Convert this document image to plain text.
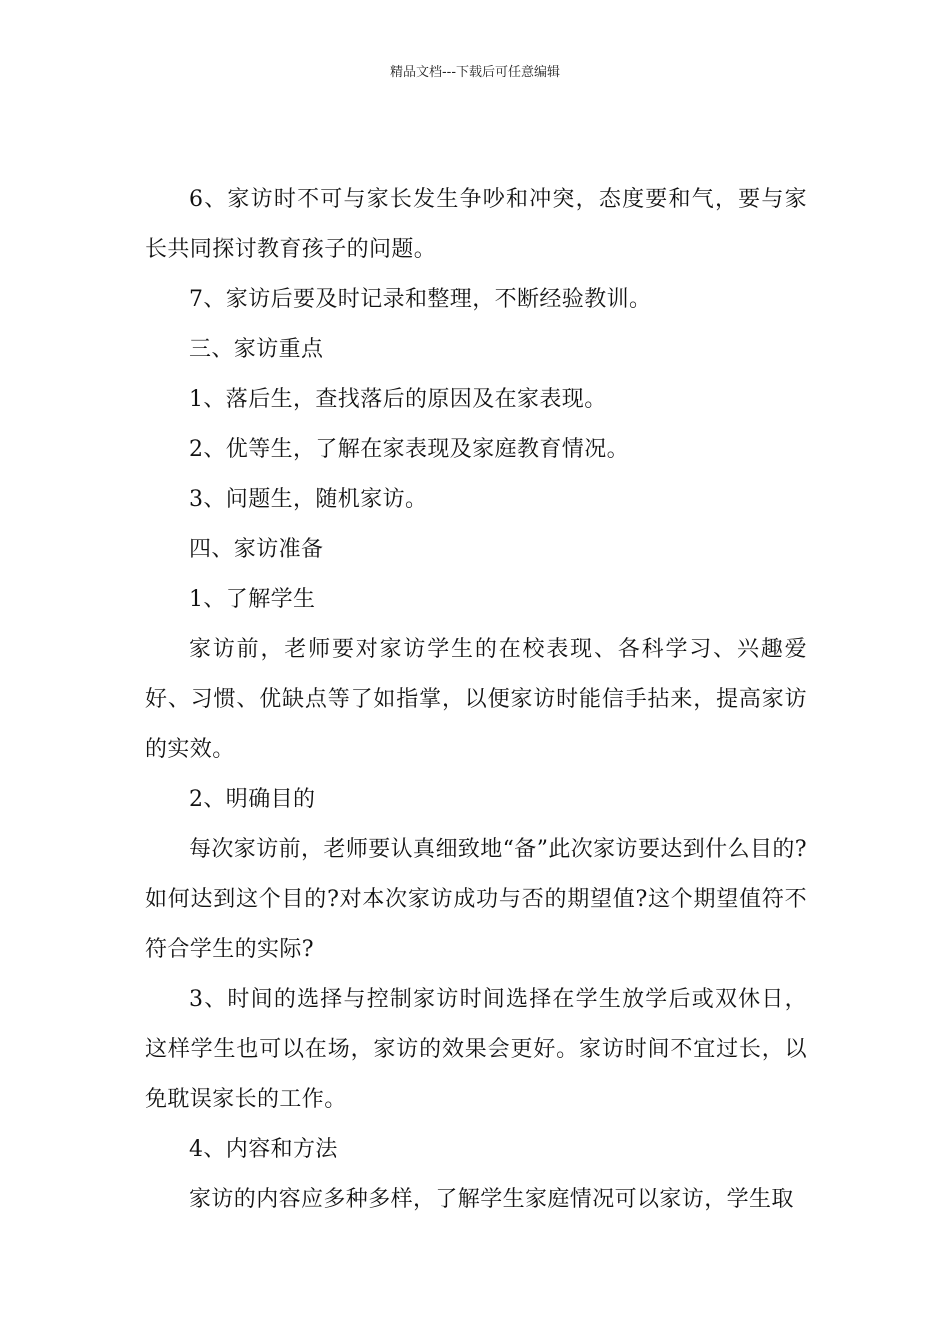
精品文档---下载后可任意编辑

6、家访时不可与家长发生争吵和冲突，态度要和气，要与家长共同探讨教育孩子的问题。

7、家访后要及时记录和整理，不断经验教训。

三、家访重点

1、落后生，查找落后的原因及在家表现。

2、优等生，了解在家表现及家庭教育情况。

3、问题生，随机家访。

四、家访准备

1、了解学生

家访前，老师要对家访学生的在校表现、各科学习、兴趣爱好、习惯、优缺点等了如指掌，以便家访时能信手拈来，提高家访的实效。

2、明确目的

每次家访前，老师要认真细致地“备”此次家访要达到什么目的?如何达到这个目的?对本次家访成功与否的期望值?这个期望值符不符合学生的实际?

3、时间的选择与控制家访时间选择在学生放学后或双休日，这样学生也可以在场，家访的效果会更好。家访时间不宜过长，以免耽误家长的工作。

4、内容和方法

家访的内容应多种多样，了解学生家庭情况可以家访，学生取
